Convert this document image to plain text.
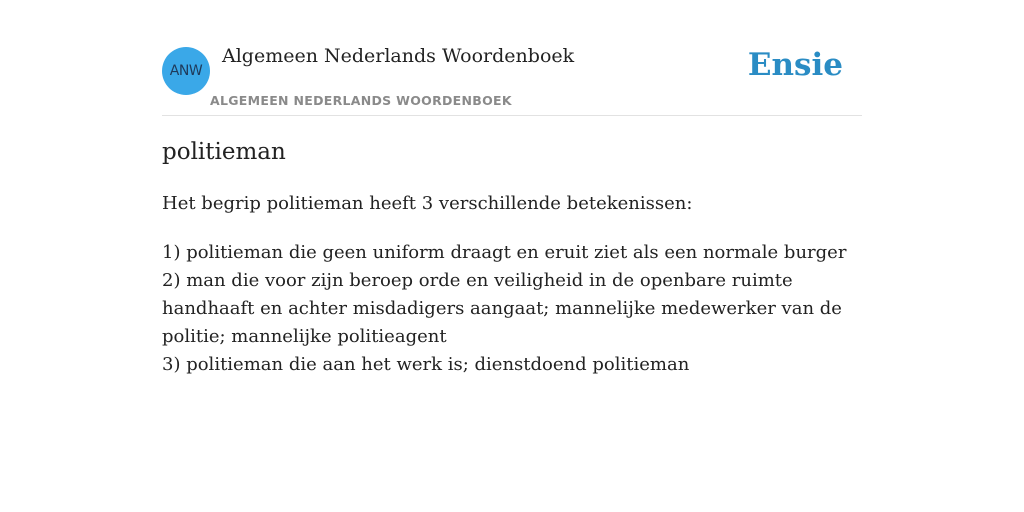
ANW
Algemeen Nederlands Woordenboek
ALGEMEEN NEDERLANDS WOORDENBOEK
Ensie
politieman
Het begrip politieman heeft 3 verschillende betekenissen:
1) politieman die geen uniform draagt en eruit ziet als een normale burger
2) man die voor zijn beroep orde en veiligheid in de openbare ruimte handhaaft en achter misdadigers aangaat; mannelijke medewerker van de politie; mannelijke politieagent
3) politieman die aan het werk is; dienstdoend politieman
